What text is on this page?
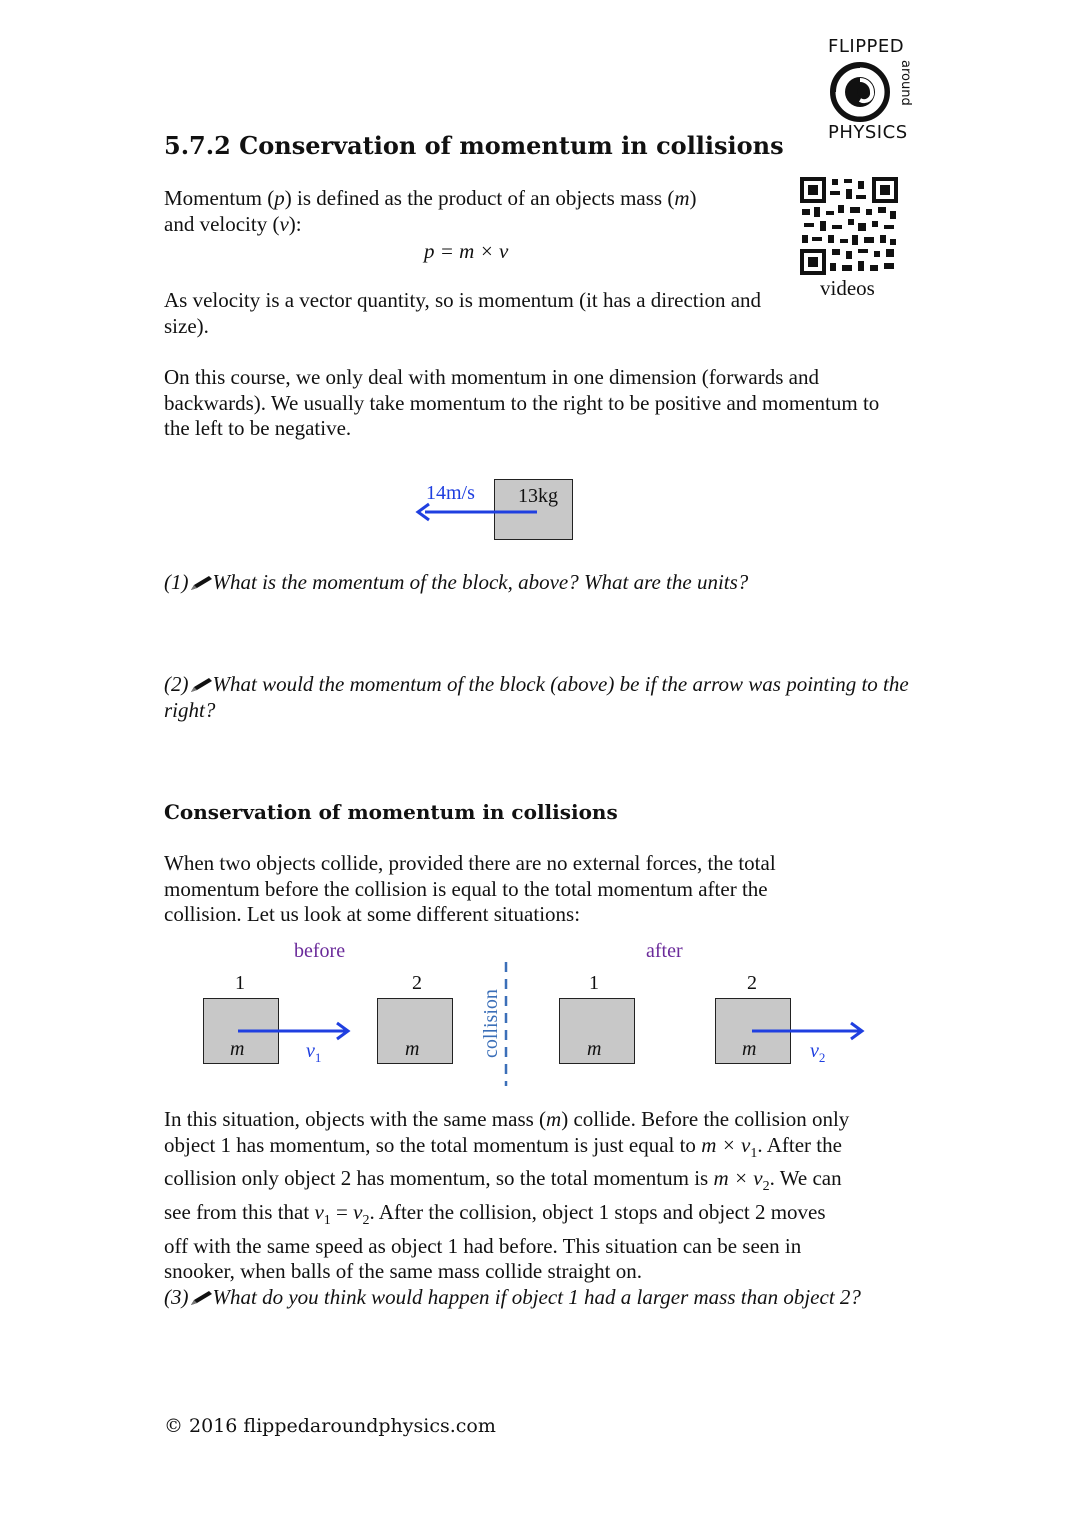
FLIPPED
around
PHYSICS
videos
5.7.2 Conservation of momentum in collisions

Momentum (p) is defined as the product of an objects mass (m)

and velocity (v):

p = m × v

As velocity is a vector quantity, so is momentum (it has a direction and size).

On this course, we only deal with momentum in one dimension (forwards and backwards). We usually take momentum to the right to be positive and momentum to the left to be negative.

14m/s 13kg

(1) What is the momentum of the block, above? What are the units?

(2) What would the momentum of the block (above) be if the arrow was pointing to the right?

Conservation of momentum in collisions

When two objects collide, provided there are no external forces, the total momentum before the collision is equal to the total momentum after the collision. Let us look at some different situations:

before	after
1
m	$v_1$
2
m	collision
1
m
2
m	$v_2$

In this situation, objects with the same mass (m) collide. Before the collision only

object 1 has momentum, so the total momentum is just equal to $m \times v_1$. After the

collision only object 2 has momentum, so the total momentum is $m \times v_2$. We can

see from this that $v_1 = v_2$. After the collision, object 1 stops and object 2 moves

off with the same speed as object 1 had before. This situation can be seen in

snooker, when balls of the same mass collide straight on.

(3) What do you think would happen if object 1 had a larger mass than object 2?

© 2016 flippedaroundphysics.com
